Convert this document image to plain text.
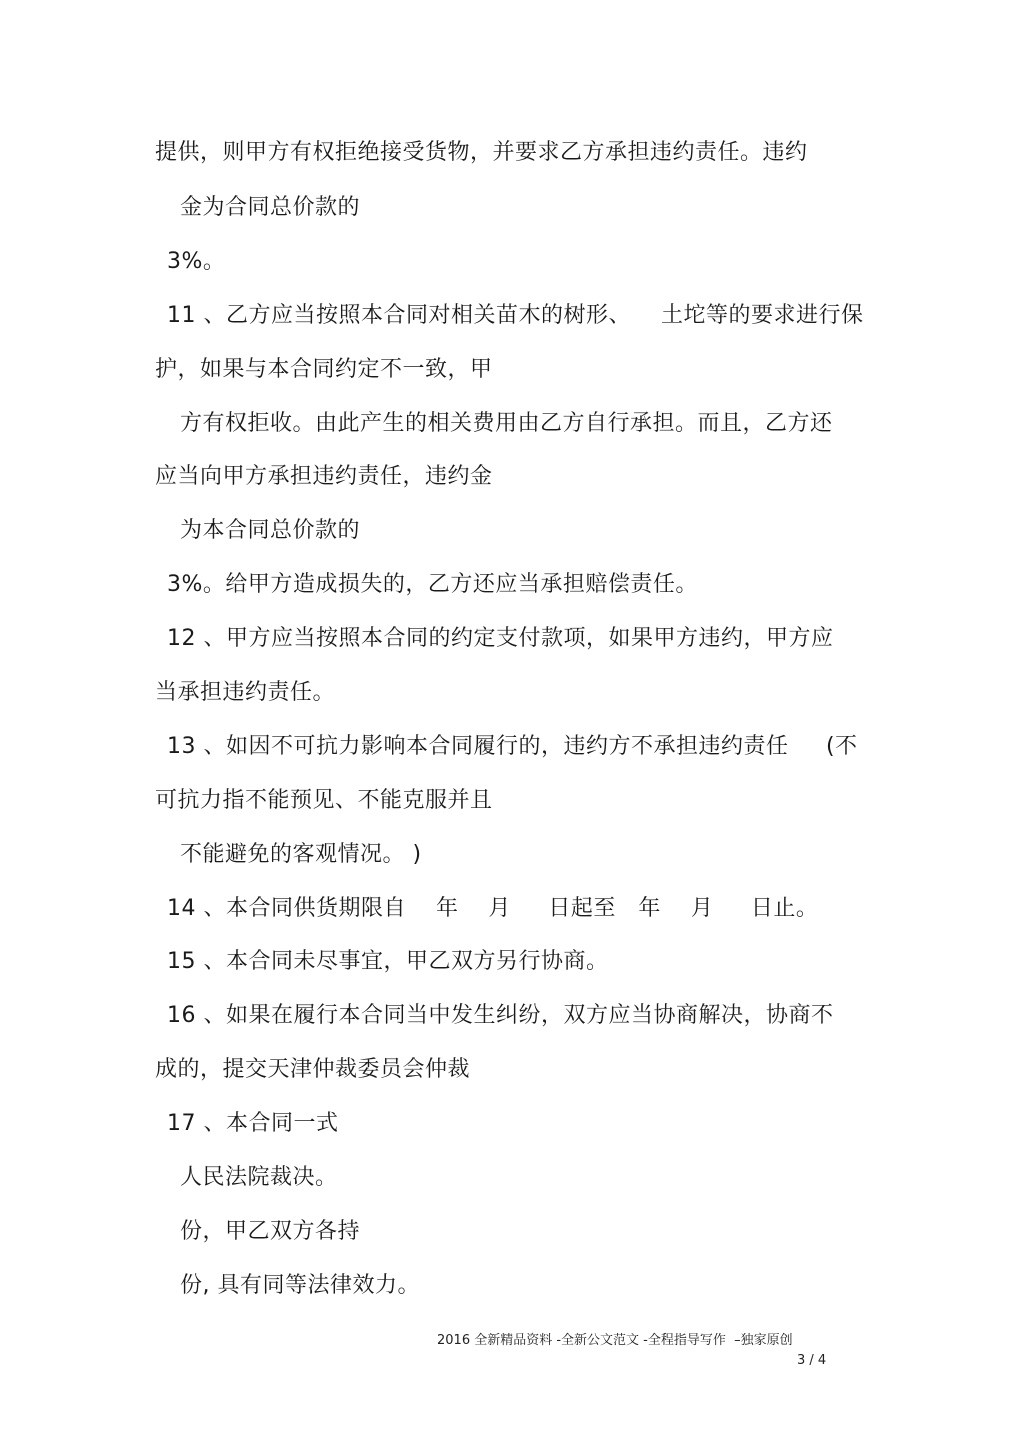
提供，则甲方有权拒绝接受货物，并要求乙方承担违约责任。违约
金为合同总价款的
3%。
11 、乙方应当按照本合同对相关苗木的树形、    土坨等的要求进行保
护，如果与本合同约定不一致，甲
方有权拒收。由此产生的相关费用由乙方自行承担。而且，乙方还
应当向甲方承担违约责任，违约金
为本合同总价款的
3%。给甲方造成损失的，乙方还应当承担赔偿责任。
12 、甲方应当按照本合同的约定支付款项，如果甲方违约，甲方应
当承担违约责任。
13 、如因不可抗力影响本合同履行的，违约方不承担违约责任     (不
可抗力指不能预见、不能克服并且
不能避免的客观情况。 )
14 、本合同供货期限自    年    月     日起至   年    月     日止。
15 、本合同未尽事宜，甲乙双方另行协商。
16 、如果在履行本合同当中发生纠纷，双方应当协商解决，协商不
成的，提交天津仲裁委员会仲裁
17 、本合同一式
人民法院裁决。
份，甲乙双方各持
份, 具有同等法律效力。
2016 全新精品资料 -全新公文范文 -全程指导写作  –独家原创
3 / 4
